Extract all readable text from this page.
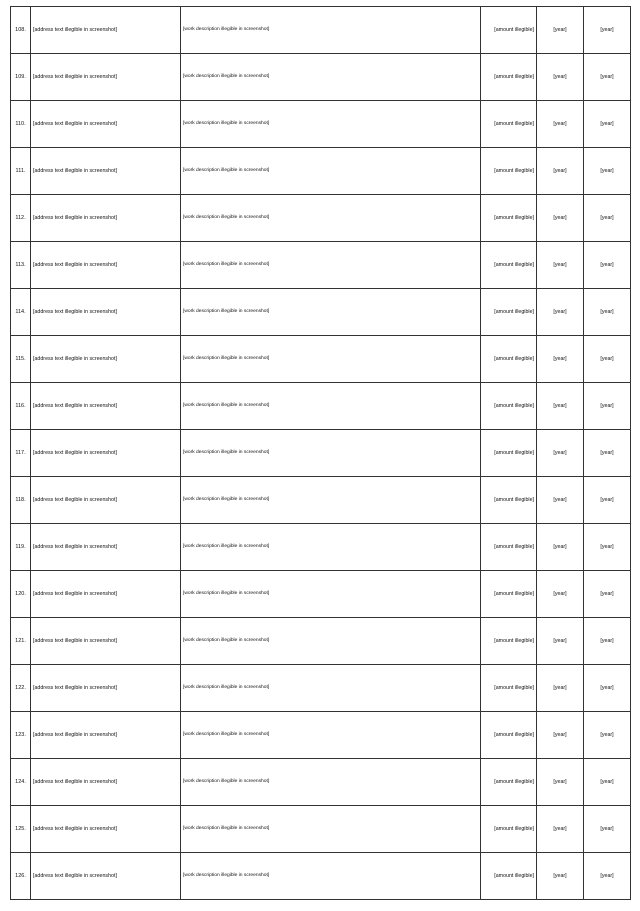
108.	[address text illegible in screenshot]	[work description illegible in screenshot]	[amount illegible]	[year]	[year]
109.	[address text illegible in screenshot]	[work description illegible in screenshot]	[amount illegible]	[year]	[year]
110.	[address text illegible in screenshot]	[work description illegible in screenshot]	[amount illegible]	[year]	[year]
111.	[address text illegible in screenshot]	[work description illegible in screenshot]	[amount illegible]	[year]	[year]
112.	[address text illegible in screenshot]	[work description illegible in screenshot]	[amount illegible]	[year]	[year]
113.	[address text illegible in screenshot]	[work description illegible in screenshot]	[amount illegible]	[year]	[year]
114.	[address text illegible in screenshot]	[work description illegible in screenshot]	[amount illegible]	[year]	[year]
115.	[address text illegible in screenshot]	[work description illegible in screenshot]	[amount illegible]	[year]	[year]
116.	[address text illegible in screenshot]	[work description illegible in screenshot]	[amount illegible]	[year]	[year]
117.	[address text illegible in screenshot]	[work description illegible in screenshot]	[amount illegible]	[year]	[year]
118.	[address text illegible in screenshot]	[work description illegible in screenshot]	[amount illegible]	[year]	[year]
119.	[address text illegible in screenshot]	[work description illegible in screenshot]	[amount illegible]	[year]	[year]
120.	[address text illegible in screenshot]	[work description illegible in screenshot]	[amount illegible]	[year]	[year]
121.	[address text illegible in screenshot]	[work description illegible in screenshot]	[amount illegible]	[year]	[year]
122.	[address text illegible in screenshot]	[work description illegible in screenshot]	[amount illegible]	[year]	[year]
123.	[address text illegible in screenshot]	[work description illegible in screenshot]	[amount illegible]	[year]	[year]
124.	[address text illegible in screenshot]	[work description illegible in screenshot]	[amount illegible]	[year]	[year]
125.	[address text illegible in screenshot]	[work description illegible in screenshot]	[amount illegible]	[year]	[year]
126.	[address text illegible in screenshot]	[work description illegible in screenshot]	[amount illegible]	[year]	[year]
